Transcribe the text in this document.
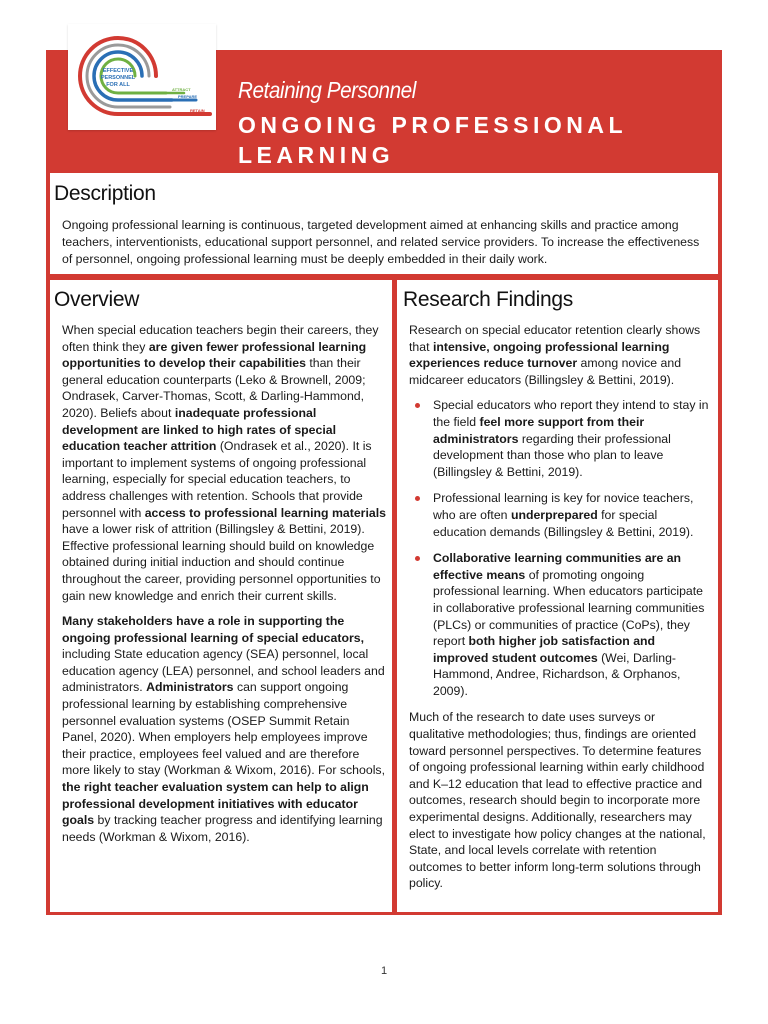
EFFECTIVE
PERSONNEL
FOR ALL
ATTRACT
PREPARE
RETAIN
Retaining Personnel
ONGOING PROFESSIONAL LEARNING
Description
Ongoing professional learning is continuous, targeted development aimed at enhancing skills and practice among teachers, interventionists, educational support personnel, and related service providers. To increase the effectiveness of personnel, ongoing professional learning must be deeply embedded in their daily work.
Overview

When special education teachers begin their careers, they often think they are given fewer professional learning opportunities to develop their capabilities than their general education counterparts (Leko & Brownell, 2009; Ondrasek, Carver-Thomas, Scott, & Darling-Hammond, 2020). Beliefs about inadequate professional development are linked to high rates of special education teacher attrition (Ondrasek et al., 2020). It is important to implement systems of ongoing professional learning, especially for special education teachers, to address challenges with retention. Schools that provide personnel with access to professional learning materials have a lower risk of attrition (Billingsley & Bettini, 2019). Effective professional learning should build on knowledge obtained during initial induction and should continue throughout the career, providing personnel opportunities to gain new knowledge and enrich their current skills.

Many stakeholders have a role in supporting the ongoing professional learning of special educators, including State education agency (SEA) personnel, local education agency (LEA) personnel, and school leaders and administrators. Administrators can support ongoing professional learning by establishing comprehensive personnel evaluation systems (OSEP Summit Retain Panel, 2020). When employers help employees improve their practice, employees feel valued and are therefore more likely to stay (Workman & Wixom, 2016). For schools, the right teacher evaluation system can help to align professional development initiatives with educator goals by tracking teacher progress and identifying learning needs (Workman & Wixom, 2016).

Research Findings

Research on special educator retention clearly shows that intensive, ongoing professional learning experiences reduce turnover among novice and midcareer educators (Billingsley & Bettini, 2019).

Special educators who report they intend to stay in the field feel more support from their administrators regarding their professional development than those who plan to leave (Billingsley & Bettini, 2019).
Professional learning is key for novice teachers, who are often underprepared for special education demands (Billingsley & Bettini, 2019).
Collaborative learning communities are an effective means of promoting ongoing professional learning. When educators participate in collaborative professional learning communities (PLCs) or communities of practice (CoPs), they report both higher job satisfaction and improved student outcomes (Wei, Darling-Hammond, Andree, Richardson, & Orphanos, 2009).

Much of the research to date uses surveys or qualitative methodologies; thus, findings are oriented toward personnel perspectives. To determine features of ongoing professional learning within early childhood and K–12 education that lead to effective practice and outcomes, research should begin to incorporate more experimental designs. Additionally, researchers may elect to investigate how policy changes at the national, State, and local levels correlate with retention outcomes to better inform long-term solutions through policy.

1
